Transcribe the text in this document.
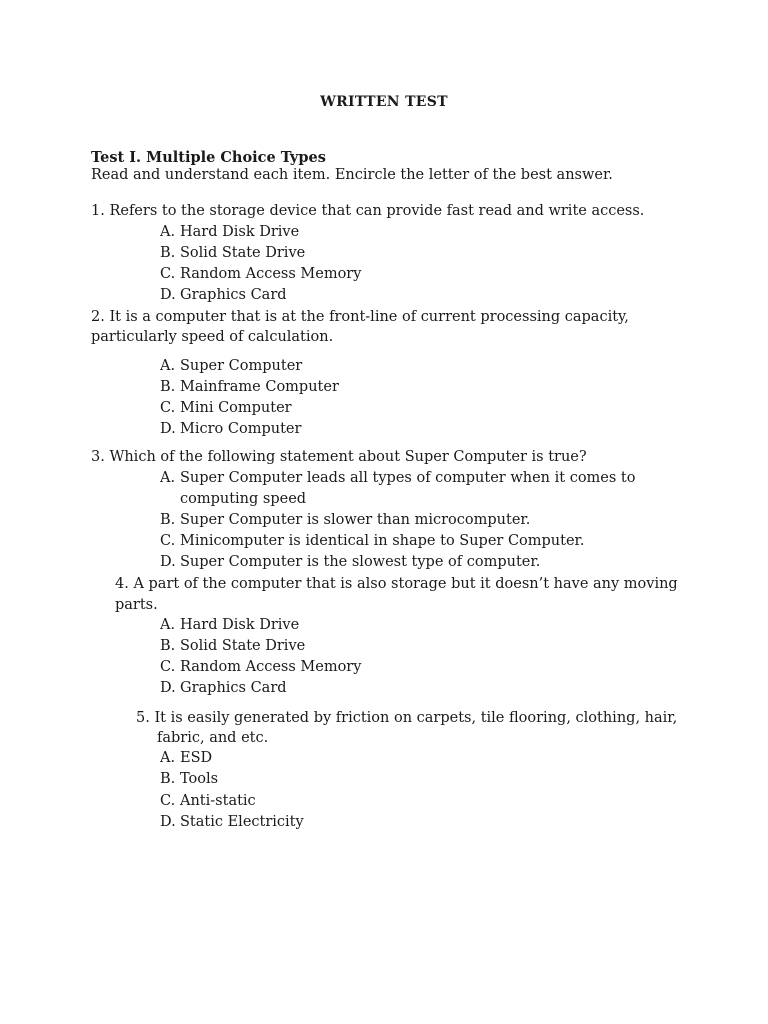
WRITTEN TEST
Test I. Multiple Choice Types
Read and understand each item. Encircle the letter of the best answer.
1. Refers to the storage device that can provide fast read and write access.
A. Hard Disk Drive
B. Solid State Drive
C. Random Access Memory
D. Graphics Card
2. It is a computer that is at the front-line of current processing capacity,
particularly speed of calculation.
A. Super Computer
B. Mainframe Computer
C. Mini Computer
D. Micro Computer
3. Which of the following statement about Super Computer is true?
A. Super Computer leads all types of computer when it comes to
computing speed
B. Super Computer is slower than microcomputer.
C. Minicomputer is identical in shape to Super Computer.
D. Super Computer is the slowest type of computer.
4. A part of the computer that is also storage but it doesn’t have any moving
parts.
A. Hard Disk Drive
B. Solid State Drive
C. Random Access Memory
D. Graphics Card
5. It is easily generated by friction on carpets, tile flooring, clothing, hair,
fabric, and etc.
A. ESD
B. Tools
C. Anti-static
D. Static Electricity
